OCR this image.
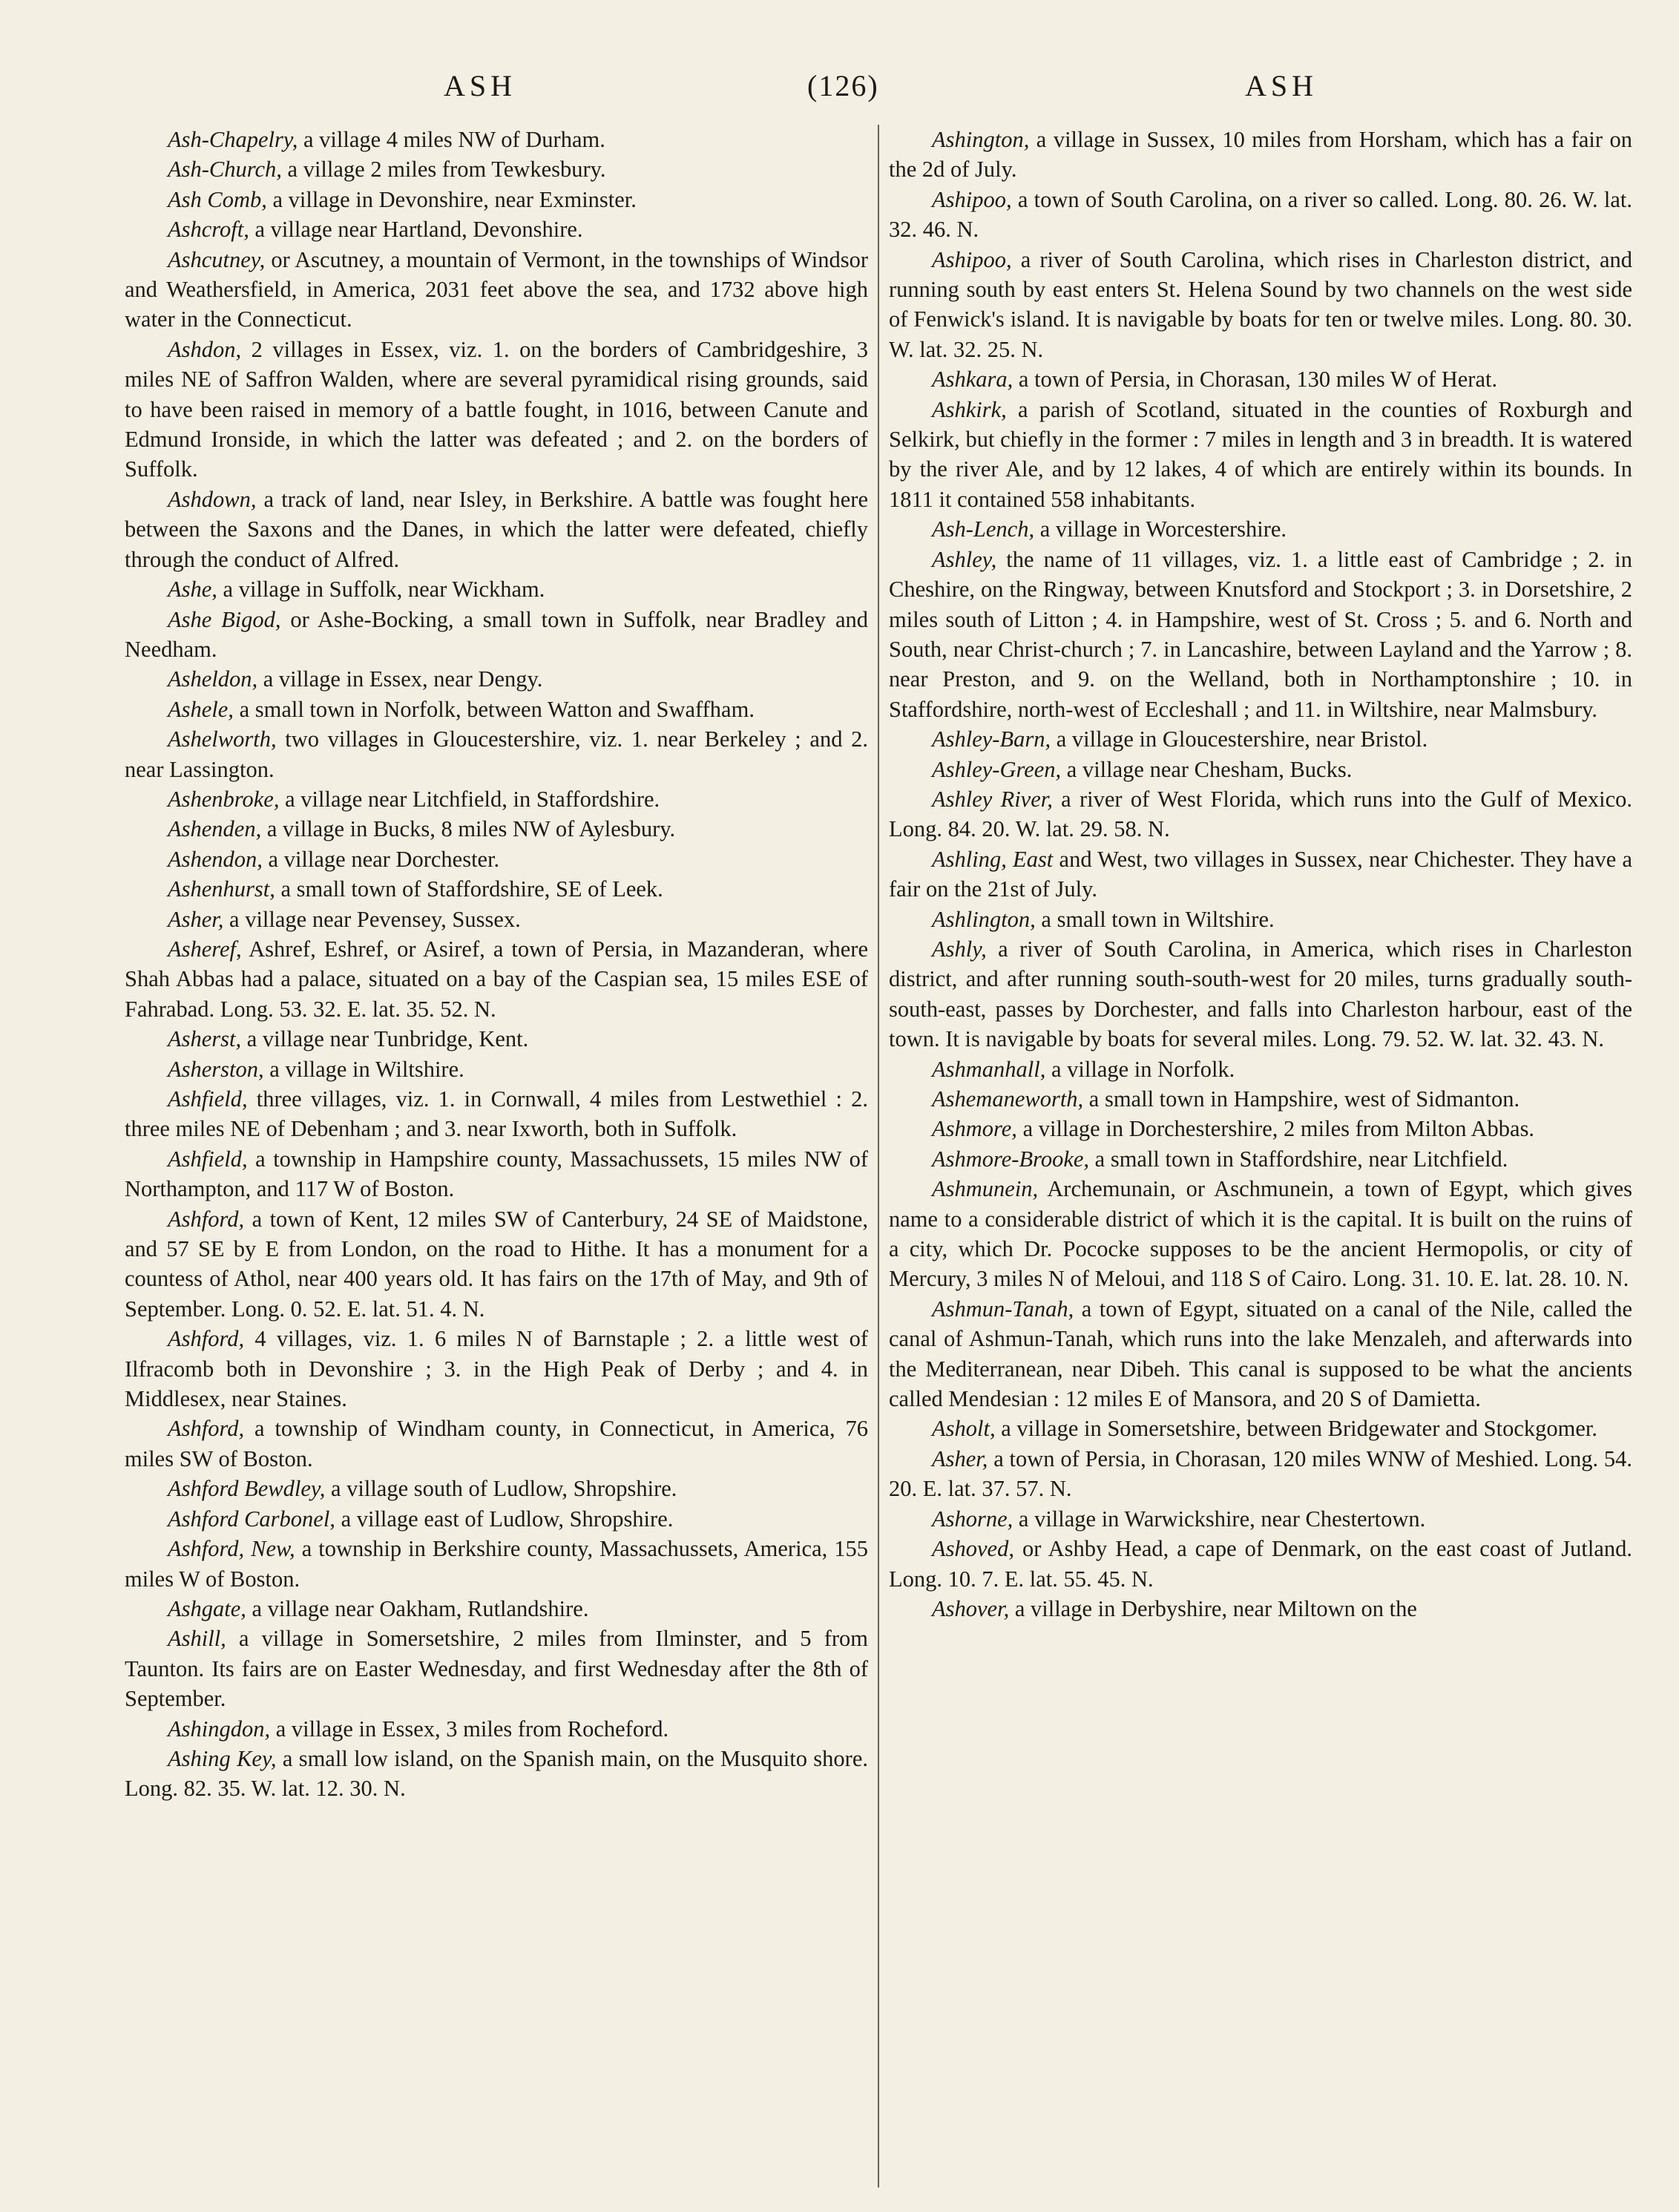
ASH	(126)	ASH

Ash-Chapelry, a village 4 miles NW of Durham.

Ash-Church, a village 2 miles from Tewkesbury.

Ash Comb, a village in Devonshire, near Exminster.

Ashcroft, a village near Hartland, Devonshire.

Ashcutney, or Ascutney, a mountain of Vermont, in the townships of Windsor and Weathersfield, in America, 2031 feet above the sea, and 1732 above high water in the Connecticut.

Ashdon, 2 villages in Essex, viz. 1. on the borders of Cambridgeshire, 3 miles NE of Saffron Walden, where are several pyramidical rising grounds, said to have been raised in memory of a battle fought, in 1016, between Canute and Edmund Ironside, in which the latter was defeated ; and 2. on the borders of Suffolk.

Ashdown, a track of land, near Isley, in Berkshire. A battle was fought here between the Saxons and the Danes, in which the latter were defeated, chiefly through the conduct of Alfred.

Ashe, a village in Suffolk, near Wickham.

Ashe Bigod, or Ashe-Bocking, a small town in Suffolk, near Bradley and Needham.

Asheldon, a village in Essex, near Dengy.

Ashele, a small town in Norfolk, between Watton and Swaffham.

Ashelworth, two villages in Gloucestershire, viz. 1. near Berkeley ; and 2. near Lassington.

Ashenbroke, a village near Litchfield, in Staffordshire.

Ashenden, a village in Bucks, 8 miles NW of Aylesbury.

Ashendon, a village near Dorchester.

Ashenhurst, a small town of Staffordshire, SE of Leek.

Asher, a village near Pevensey, Sussex.

Asheref, Ashref, Eshref, or Asiref, a town of Persia, in Mazanderan, where Shah Abbas had a palace, situated on a bay of the Caspian sea, 15 miles ESE of Fahrabad. Long. 53. 32. E. lat. 35. 52. N.

Asherst, a village near Tunbridge, Kent.

Asherston, a village in Wiltshire.

Ashfield, three villages, viz. 1. in Cornwall, 4 miles from Lestwethiel : 2. three miles NE of Debenham ; and 3. near Ixworth, both in Suffolk.

Ashfield, a township in Hampshire county, Massachussets, 15 miles NW of Northampton, and 117 W of Boston.

Ashford, a town of Kent, 12 miles SW of Canterbury, 24 SE of Maidstone, and 57 SE by E from London, on the road to Hithe. It has a monument for a countess of Athol, near 400 years old. It has fairs on the 17th of May, and 9th of September. Long. 0. 52. E. lat. 51. 4. N.

Ashford, 4 villages, viz. 1. 6 miles N of Barnstaple ; 2. a little west of Ilfracomb both in Devonshire ; 3. in the High Peak of Derby ; and 4. in Middlesex, near Staines.

Ashford, a township of Windham county, in Connecticut, in America, 76 miles SW of Boston.

Ashford Bewdley, a village south of Ludlow, Shropshire.

Ashford Carbonel, a village east of Ludlow, Shropshire.

Ashford, New, a township in Berkshire county, Massachussets, America, 155 miles W of Boston.

Ashgate, a village near Oakham, Rutlandshire.

Ashill, a village in Somersetshire, 2 miles from Ilminster, and 5 from Taunton. Its fairs are on Easter Wednesday, and first Wednesday after the 8th of September.

Ashingdon, a village in Essex, 3 miles from Rocheford.

Ashing Key, a small low island, on the Spanish main, on the Musquito shore. Long. 82. 35. W. lat. 12. 30. N.

Ashington, a village in Sussex, 10 miles from Horsham, which has a fair on the 2d of July.

Ashipoo, a town of South Carolina, on a river so called. Long. 80. 26. W. lat. 32. 46. N.

Ashipoo, a river of South Carolina, which rises in Charleston district, and running south by east enters St. Helena Sound by two channels on the west side of Fenwick's island. It is navigable by boats for ten or twelve miles. Long. 80. 30. W. lat. 32. 25. N.

Ashkara, a town of Persia, in Chorasan, 130 miles W of Herat.

Ashkirk, a parish of Scotland, situated in the counties of Roxburgh and Selkirk, but chiefly in the former : 7 miles in length and 3 in breadth. It is watered by the river Ale, and by 12 lakes, 4 of which are entirely within its bounds. In 1811 it contained 558 inhabitants.

Ash-Lench, a village in Worcestershire.

Ashley, the name of 11 villages, viz. 1. a little east of Cambridge ; 2. in Cheshire, on the Ringway, between Knutsford and Stockport ; 3. in Dorsetshire, 2 miles south of Litton ; 4. in Hampshire, west of St. Cross ; 5. and 6. North and South, near Christ-church ; 7. in Lancashire, between Layland and the Yarrow ; 8. near Preston, and 9. on the Welland, both in Northamptonshire ; 10. in Staffordshire, north-west of Eccleshall ; and 11. in Wiltshire, near Malmsbury.

Ashley-Barn, a village in Gloucestershire, near Bristol.

Ashley-Green, a village near Chesham, Bucks.

Ashley River, a river of West Florida, which runs into the Gulf of Mexico. Long. 84. 20. W. lat. 29. 58. N.

Ashling, East and West, two villages in Sussex, near Chichester. They have a fair on the 21st of July.

Ashlington, a small town in Wiltshire.

Ashly, a river of South Carolina, in America, which rises in Charleston district, and after running south-south-west for 20 miles, turns gradually south-south-east, passes by Dorchester, and falls into Charleston harbour, east of the town. It is navigable by boats for several miles. Long. 79. 52. W. lat. 32. 43. N.

Ashmanhall, a village in Norfolk.

Ashemaneworth, a small town in Hampshire, west of Sidmanton.

Ashmore, a village in Dorchestershire, 2 miles from Milton Abbas.

Ashmore-Brooke, a small town in Staffordshire, near Litchfield.

Ashmunein, Archemunain, or Aschmunein, a town of Egypt, which gives name to a considerable district of which it is the capital. It is built on the ruins of a city, which Dr. Pococke supposes to be the ancient Hermopolis, or city of Mercury, 3 miles N of Meloui, and 118 S of Cairo. Long. 31. 10. E. lat. 28. 10. N.

Ashmun-Tanah, a town of Egypt, situated on a canal of the Nile, called the canal of Ashmun-Tanah, which runs into the lake Menzaleh, and afterwards into the Mediterranean, near Dibeh. This canal is supposed to be what the ancients called Mendesian : 12 miles E of Mansora, and 20 S of Damietta.

Asholt, a village in Somersetshire, between Bridgewater and Stockgomer.

Asher, a town of Persia, in Chorasan, 120 miles WNW of Meshied. Long. 54. 20. E. lat. 37. 57. N.

Ashorne, a village in Warwickshire, near Chestertown.

Ashoved, or Ashby Head, a cape of Denmark, on the east coast of Jutland. Long. 10. 7. E. lat. 55. 45. N.

Ashover, a village in Derbyshire, near Miltown on the
